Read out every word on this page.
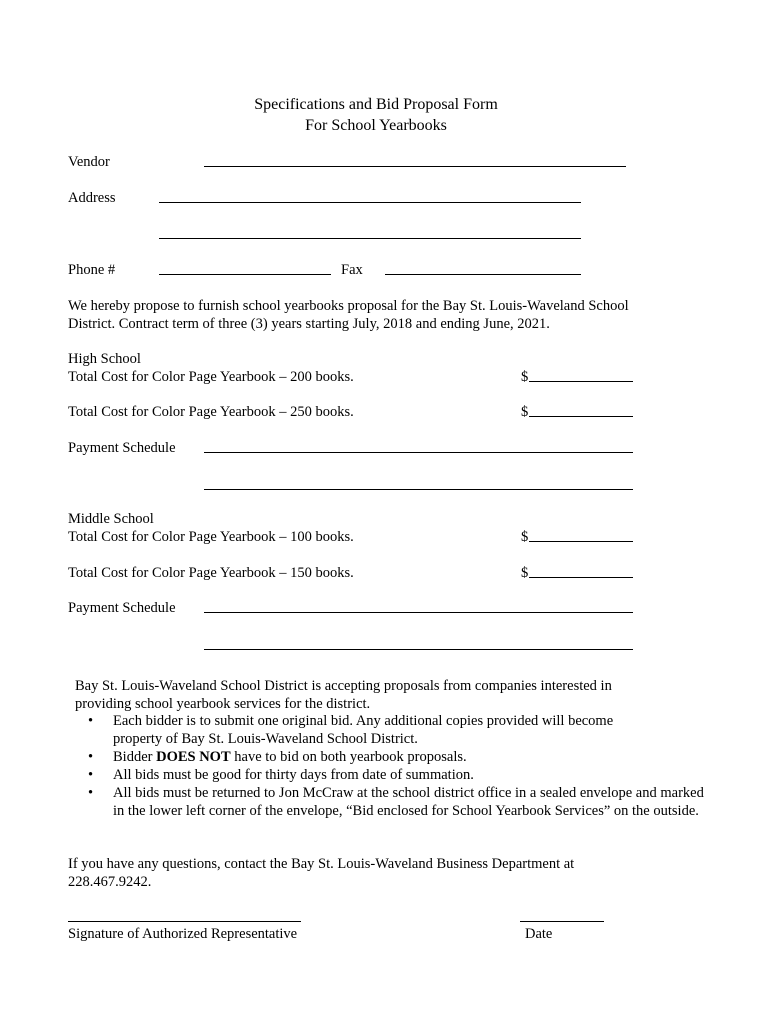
Specifications and Bid Proposal Form
For School Yearbooks
Vendor
Address
Phone #	Fax
We hereby propose to furnish school yearbooks proposal for the Bay St. Louis-Waveland School District. Contract term of three (3) years starting July, 2018 and ending June, 2021.
High School
Total Cost for Color Page Yearbook – 200 books.	$
Total Cost for Color Page Yearbook – 250 books.	$
Payment Schedule
Middle School
Total Cost for Color Page Yearbook – 100 books.	$
Total Cost for Color Page Yearbook – 150 books.	$
Payment Schedule
Bay St. Louis-Waveland School District is accepting proposals from companies interested in providing school yearbook services for the district.
• Each bidder is to submit one original bid. Any additional copies provided will become property of Bay St. Louis-Waveland School District.
• Bidder DOES NOT have to bid on both yearbook proposals.
• All bids must be good for thirty days from date of summation.
• All bids must be returned to Jon McCraw at the school district office in a sealed envelope and marked in the lower left corner of the envelope, “Bid enclosed for School Yearbook Services” on the outside.
If you have any questions, contact the Bay St. Louis-Waveland Business Department at 228.467.9242.
Signature of Authorized Representative	Date
